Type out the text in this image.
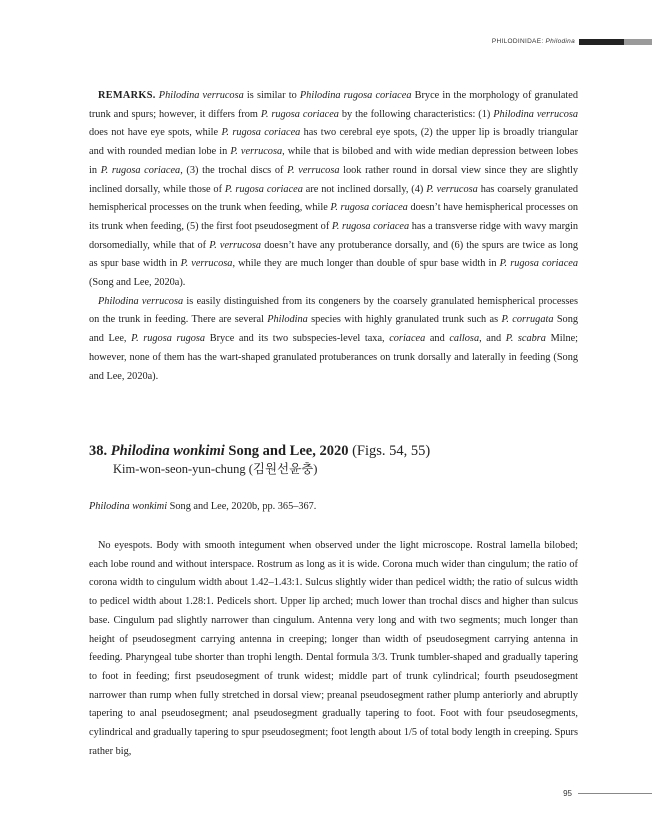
PHILODINIDAE: Philodina

REMARKS. Philodina verrucosa is similar to Philodina rugosa coriacea Bryce in the morphology of granulated trunk and spurs; however, it differs from P. rugosa coriacea by the following characteristics: (1) Philodina verrucosa does not have eye spots, while P. rugosa coriacea has two cerebral eye spots, (2) the upper lip is broadly triangular and with rounded median lobe in P. verrucosa, while that is bilobed and with wide median depression between lobes in P. rugosa coriacea, (3) the trochal discs of P. verrucosa look rather round in dorsal view since they are slightly inclined dorsally, while those of P. rugosa coriacea are not inclined dorsally, (4) P. verrucosa has coarsely granulated hemispherical processes on the trunk when feeding, while P. rugosa coriacea doesn’t have hemispherical processes on its trunk when feeding, (5) the first foot pseudosegment of P. rugosa coriacea has a transverse ridge with wavy margin dorsomedially, while that of P. verrucosa doesn’t have any protuberance dorsally, and (6) the spurs are twice as long as spur base width in P. verrucosa, while they are much longer than double of spur base width in P. rugosa coriacea (Song and Lee, 2020a).

Philodina verrucosa is easily distinguished from its congeners by the coarsely granulated hemispherical processes on the trunk in feeding. There are several Philodina species with highly granulated trunk such as P. corrugata Song and Lee, P. rugosa rugosa Bryce and its two subspecies-level taxa, coriacea and callosa, and P. scabra Milne; however, none of them has the wart-shaped granulated protuberances on trunk dorsally and laterally in feeding (Song and Lee, 2020a).

38. Philodina wonkimi Song and Lee, 2020 (Figs. 54, 55)
Kim-won-seon-yun-chung (김원선윤충)
Philodina wonkimi Song and Lee, 2020b, pp. 365–367.

No eyespots. Body with smooth integument when observed under the light microscope. Rostral lamella bilobed; each lobe round and without interspace. Rostrum as long as it is wide. Corona much wider than cingulum; the ratio of corona width to cingulum width about 1.42–1.43:1. Sulcus slightly wider than pedicel width; the ratio of sulcus width to pedicel width about 1.28:1. Pedicels short. Upper lip arched; much lower than trochal discs and higher than sulcus base. Cingulum pad slightly narrower than cingulum. Antenna very long and with two segments; much longer than height of pseudosegment carrying antenna in creeping; longer than width of pseudosegment carrying antenna in feeding. Pharyngeal tube shorter than trophi length. Dental formula 3/3. Trunk tumbler-shaped and gradually tapering to foot in feeding; first pseudosegment of trunk widest; middle part of trunk cylindrical; fourth pseudosegment narrower than rump when fully stretched in dorsal view; preanal pseudosegment rather plump anteriorly and abruptly tapering to anal pseudosegment; anal pseudosegment gradually tapering to foot. Foot with four pseudosegments, cylindrical and gradually tapering to spur pseudosegment; foot length about 1/5 of total body length in creeping. Spurs rather big,

95
